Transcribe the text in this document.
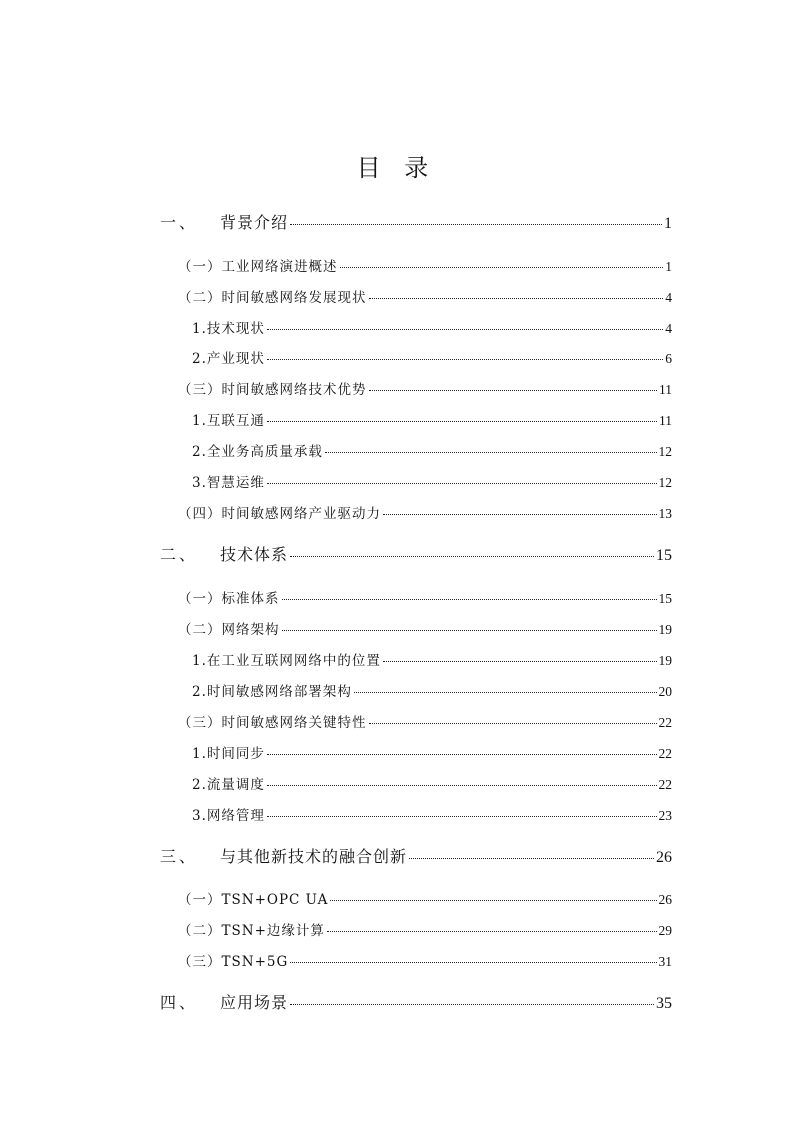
目 录
一、	背景介绍	1
（一）工业网络演进概述	1
（二）时间敏感网络发展现状	4
1.技术现状	4
2.产业现状	6
（三）时间敏感网络技术优势	11
1.互联互通	11
2.全业务高质量承载	12
3.智慧运维	12
（四）时间敏感网络产业驱动力	13
二、	技术体系	15
（一）标准体系	15
（二）网络架构	19
1.在工业互联网网络中的位置	19
2.时间敏感网络部署架构	20
（三）时间敏感网络关键特性	22
1.时间同步	22
2.流量调度	22
3.网络管理	23
三、	与其他新技术的融合创新	26
（一）TSN+OPC UA	26
（二）TSN+边缘计算	29
（三）TSN+5G	31
四、	应用场景	35
